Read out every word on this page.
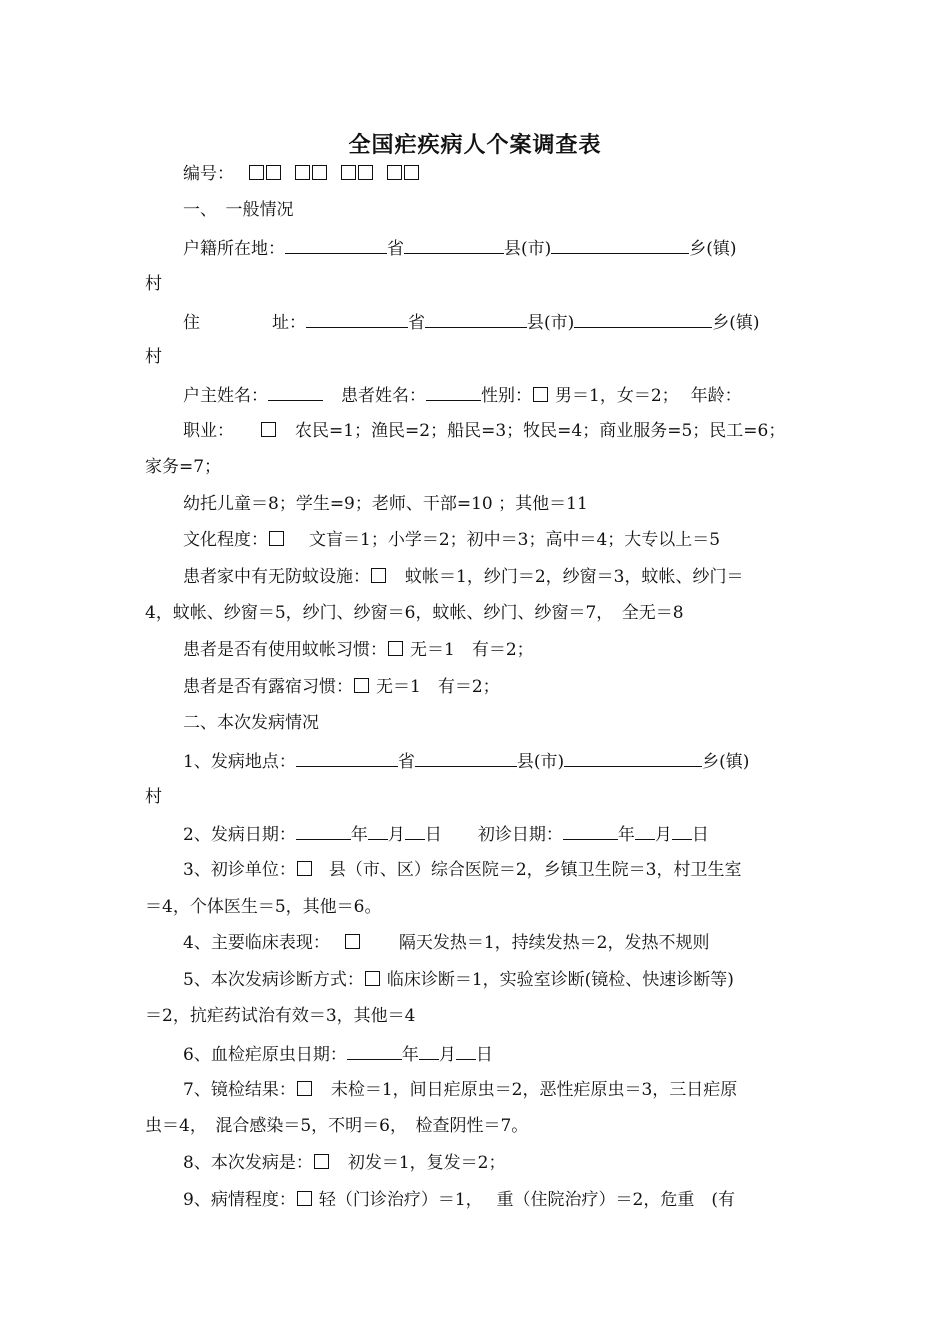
全国疟疾病人个案调查表
编号：
一、　一般情况
户籍所在地：	省	县(市)	乡(镇)
村
住	址：	省	县(市)	乡(镇)
村
户主姓名：	患者姓名：	性别： 男＝1，女＝2； 年龄：
职业：	农民=1；渔民=2；船民=3；牧民=4；商业服务=5；民工=6；
家务=7；
幼托儿童＝8；学生=9；老师、干部=10 ；其他＝11
文化程度： 文盲＝1；小学＝2；初中＝3；高中＝4；大专以上＝5
患者家中有无防蚊设施： 蚊帐＝1，纱门＝2，纱窗＝3，蚊帐、纱门＝
4，蚊帐、纱窗＝5，纱门、纱窗＝6，蚊帐、纱门、纱窗＝7，　全无＝8
患者是否有使用蚊帐习惯： 无＝1　有＝2；
患者是否有露宿习惯： 无＝1　有＝2；
二、本次发病情况
1、发病地点：	省	县(市)	乡(镇)
村
2、发病日期：	年 月 日 初诊日期：	年 月 日
3、初诊单位： 县（市、区）综合医院＝2，乡镇卫生院＝3，村卫生室
＝4，个体医生＝5，其他＝6。
4、主要临床表现：	隔天发热＝1，持续发热＝2，发热不规则
5、本次发病诊断方式： 临床诊断＝1，实验室诊断(镜检、快速诊断等)
＝2，抗疟药试治有效＝3，其他＝4
6、血检疟原虫日期：	年 月 日
7、镜检结果： 未检＝1，间日疟原虫＝2，恶性疟原虫＝3，三日疟原
虫＝4，　混合感染＝5，不明＝6，　检查阴性＝7。
8、本次发病是： 初发＝1，复发＝2；
9、病情程度： 轻（门诊治疗）＝1，　 重（住院治疗）＝2，危重　(有
